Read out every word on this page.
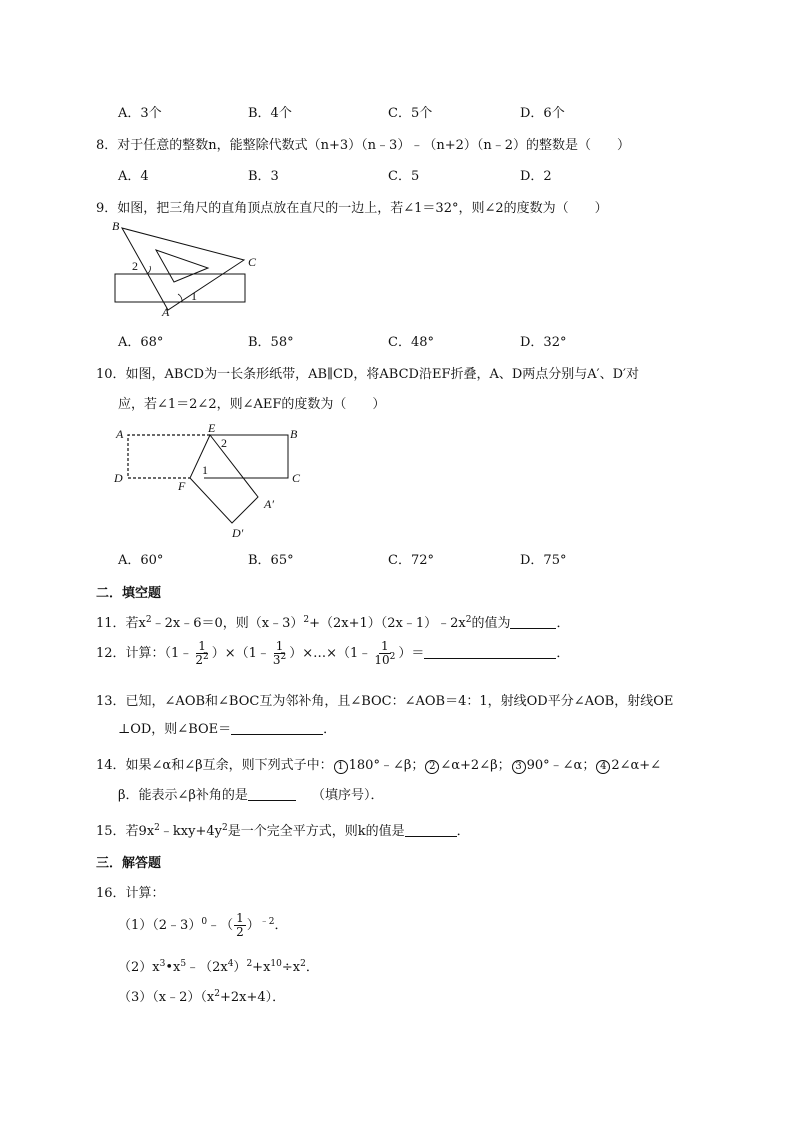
A．3个	B．4个	C．5个	D．6个
8．对于任意的整数n，能整除代数式（n+3）（n﹣3）﹣（n+2）（n﹣2）的整数是（　　）
A．4	B．3	C．5	D．2
9．如图，把三角尺的直角顶点放在直尺的一边上，若∠1＝32°，则∠2的度数为（　　）
B
C
A
1
2
A．68°	B．58°	C．48°	D．32°
10．如图，ABCD为一长条形纸带，AB∥CD，将ABCD沿EF折叠，A、D两点分别与A′、D′对
应，若∠1＝2∠2，则∠AEF的度数为（　　）
A	E
2
B
1
D
F
C
A′
D′
A．60°	B．65°	C．72°	D．75°
二．填空题
11．若$x^2﹣2x﹣6=0$，则$(x﹣3)^2+(2x+1)(2x﹣1)﹣2x^2$的值为	．
12．计算：（1﹣ $\frac{1}{2^2}$ ）×（1﹣ $\frac{1}{3^2}$ ）×…×（1﹣ $\frac{1}{10^2}$ ）＝	．
13．已知，∠AOB和∠BOC互为邻补角，且∠BOC：∠AOB＝4：1，射线OD平分∠AOB，射线OE
⊥OD，则∠BOE＝	．
14．如果∠α和∠β互余，则下列式子中： 1 180°﹣∠β； 2 ∠α+2∠β； 3 90°﹣∠α； 4 2∠α+∠
β．能表示∠β补角的是	（填序号）．
15．若$9x^2﹣kxy+4y^2$是一个完全平方式，则k的值是	．
三．解答题
16．计算：
（1）（2﹣3）$^0$﹣（ $\frac{1}{2} )^{﹣2}$．
$(2)x^3•x^5﹣(2x^4)^2+x^{10}\div x^2$．
$(3)(x﹣2)(x^2+2x+4)$．
